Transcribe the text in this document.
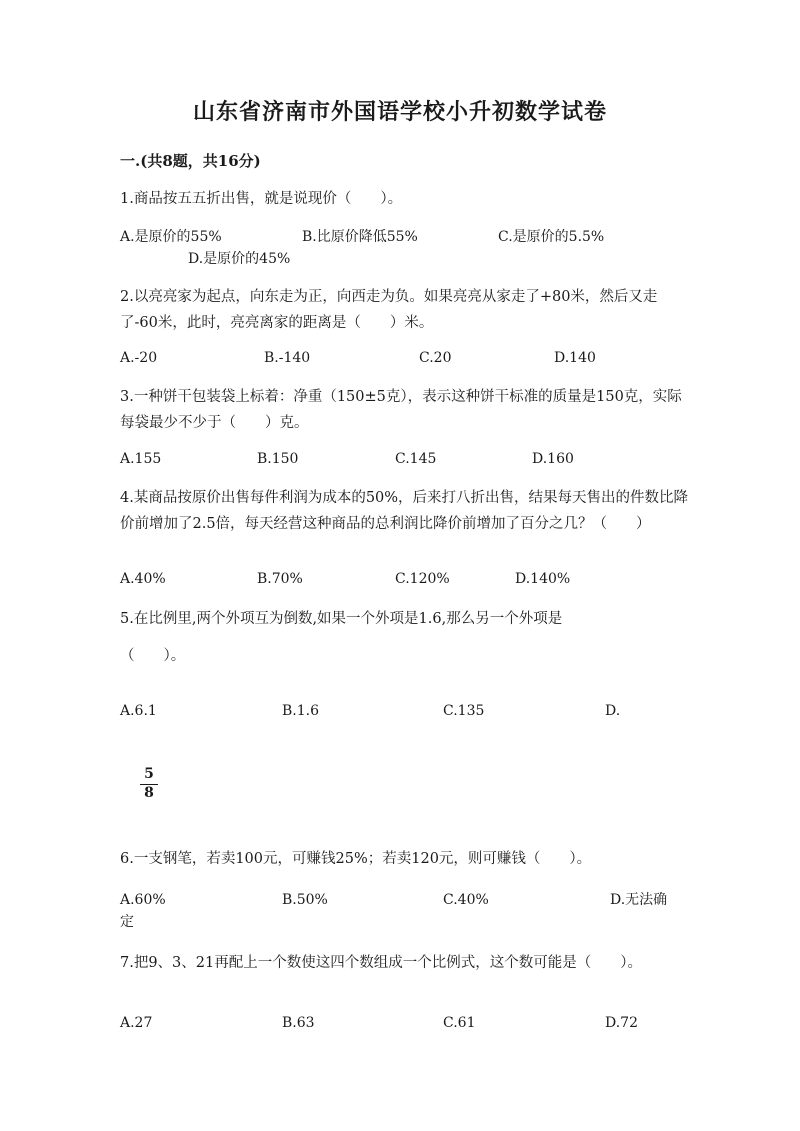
山东省济南市外国语学校小升初数学试卷
一.(共8题，共16分)
1.商品按五五折出售，就是说现价（　　）。
A.是原价的55%	B.比原价降低55%	C.是原价的5.5%
D.是原价的45%
2.以亮亮家为起点，向东走为正，向西走为负。如果亮亮从家走了+80米，然后又走了-60米，此时，亮亮离家的距离是（　　）米。
A.-20	B.-140	C.20	D.140
3.一种饼干包装袋上标着：净重（150±5克），表示这种饼干标准的质量是150克，实际每袋最少不少于（　　）克。
A.155	B.150	C.145	D.160
4.某商品按原价出售每件利润为成本的50%，后来打八折出售，结果每天售出的件数比降价前增加了2.5倍，每天经营这种商品的总利润比降价前增加了百分之几？（　　）
A.40%	B.70%	C.120%	D.140%
5.在比例里,两个外项互为倒数,如果一个外项是1.6,那么另一个外项是
（　　）。
A.6.1	B.1.6	C.135	D.
$\frac{5}{8}$
6.一支钢笔，若卖100元，可赚钱25%；若卖120元，则可赚钱（　　）。
A.60%	B.50%	C.40%	D.无法确定
7.把9、3、21再配上一个数使这四个数组成一个比例式，这个数可能是（　　）。
A.27	B.63	C.61	D.72
